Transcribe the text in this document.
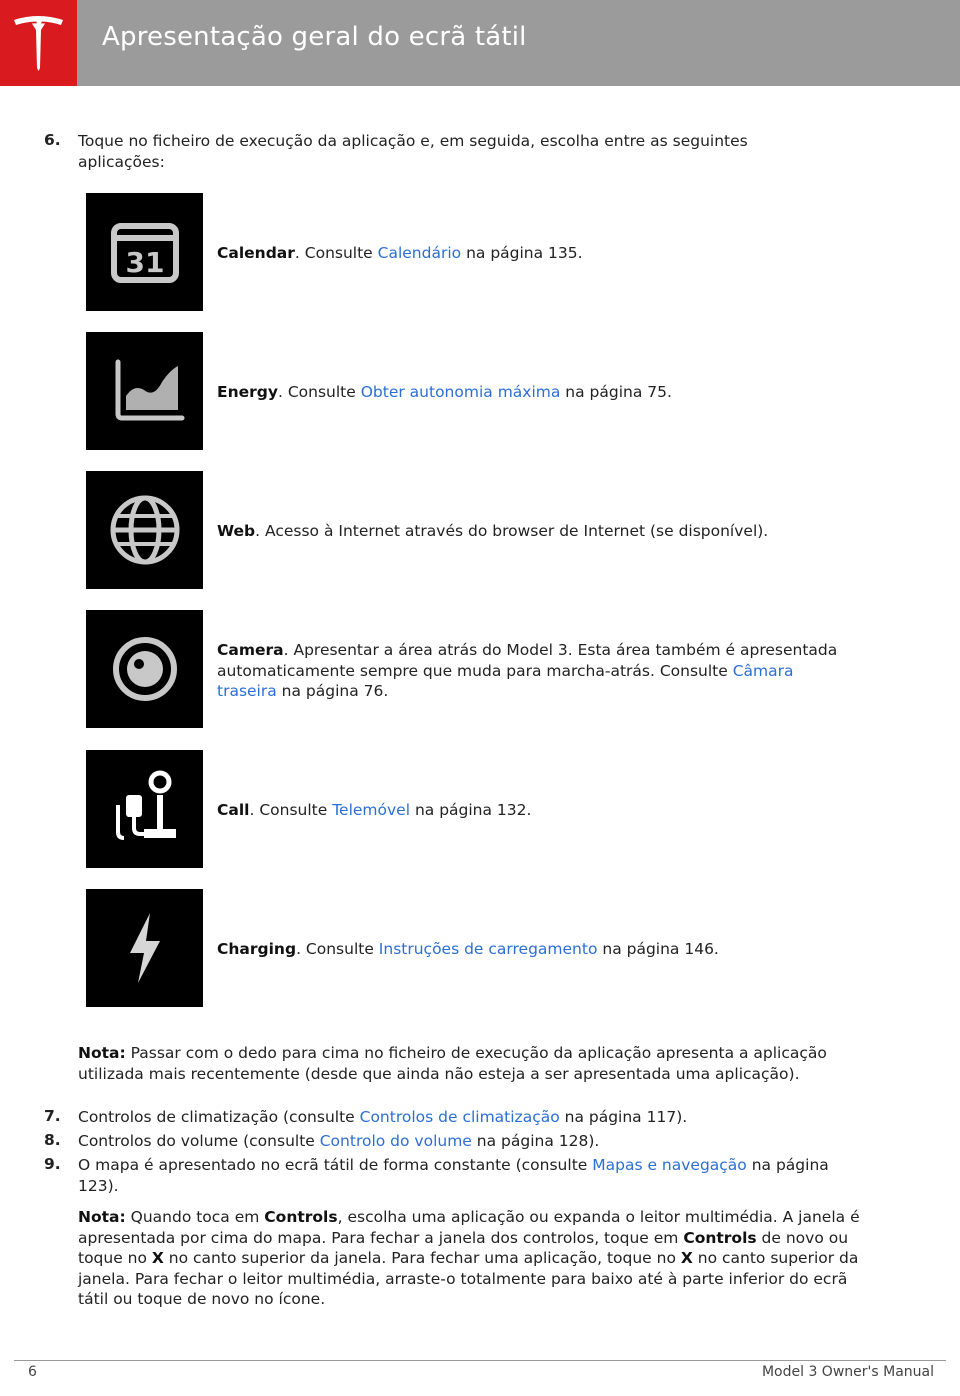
Apresentação geral do ecrã tátil
6. Toque no ficheiro de execução da aplicação e, em seguida, escolha entre as seguintes aplicações:
31	Calendar. Consulte Calendário na página 135.
Energy. Consulte Obter autonomia máxima na página 75.
Web. Acesso à Internet através do browser de Internet (se disponível).
Camera. Apresentar a área atrás do Model 3. Esta área também é apresentada automaticamente sempre que muda para marcha-atrás. Consulte Câmara traseira na página 76.
Call. Consulte Telemóvel na página 132.
Charging. Consulte Instruções de carregamento na página 146.
Nota: Passar com o dedo para cima no ficheiro de execução da aplicação apresenta a aplicação utilizada mais recentemente (desde que ainda não esteja a ser apresentada uma aplicação).
7. Controlos de climatização (consulte Controlos de climatização na página 117).
8. Controlos do volume (consulte Controlo do volume na página 128).
9. O mapa é apresentado no ecrã tátil de forma constante (consulte Mapas e navegação na página 123).
Nota: Quando toca em Controls, escolha uma aplicação ou expanda o leitor multimédia. A janela é apresentada por cima do mapa. Para fechar a janela dos controlos, toque em Controls de novo ou toque no X no canto superior da janela. Para fechar uma aplicação, toque no X no canto superior da janela. Para fechar o leitor multimédia, arraste-o totalmente para baixo até à parte inferior do ecrã tátil ou toque de novo no ícone.
6	Model 3 Owner's Manual
